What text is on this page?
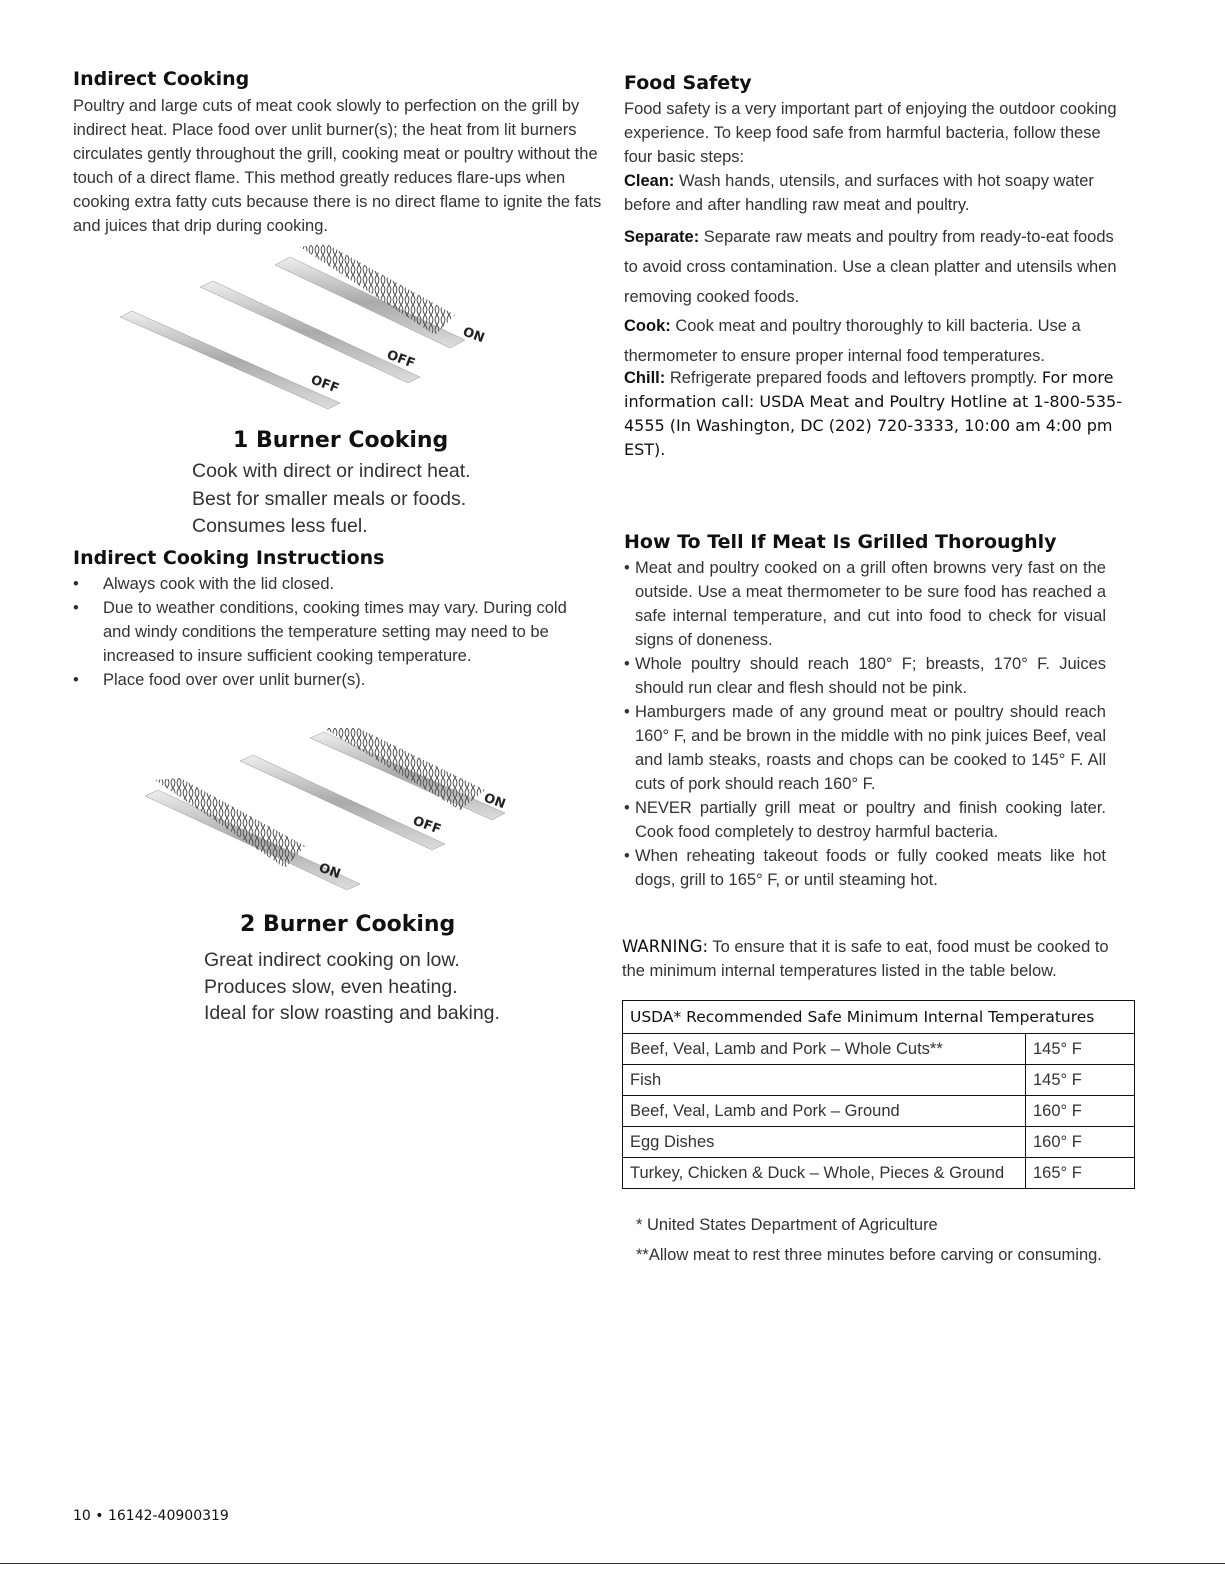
Indirect Cooking
Poultry and large cuts of meat cook slowly to perfection on the grill by indirect heat. Place food over unlit burner(s); the heat from lit burners circulates gently throughout the grill, cooking meat or poultry without the touch of a direct flame. This method greatly reduces flare-ups when cooking extra fatty cuts because there is no direct flame to ignite the fats and juices that drip during cooking.
ON
OFF
OFF
1 Burner Cooking
Cook with direct or indirect heat.
Best for smaller meals or foods.
Consumes less fuel.
Indirect Cooking Instructions
• Always cook with the lid closed.
• Due to weather conditions, cooking times may vary. During cold and windy conditions the temperature setting may need to be increased to insure sufficient cooking temperature.
• Place food over over unlit burner(s).
ON
OFF
ON
2 Burner Cooking
Great indirect cooking on low.
Produces slow, even heating.
Ideal for slow roasting and baking.
Food Safety
Food safety is a very important part of enjoying the outdoor cooking experience. To keep food safe from harmful bacteria, follow these four basic steps:
Clean: Wash hands, utensils, and surfaces with hot soapy water before and after handling raw meat and poultry.
Separate: Separate raw meats and poultry from ready-to-eat foods to avoid cross contamination. Use a clean platter and utensils when removing cooked foods.
Cook: Cook meat and poultry thoroughly to kill bacteria. Use a thermometer to ensure proper internal food temperatures.
Chill: Refrigerate prepared foods and leftovers promptly. For more information call: USDA Meat and Poultry Hotline at 1-800-535-4555 (In Washington, DC (202) 720-3333, 10:00 am 4:00 pm EST).
How To Tell If Meat Is Grilled Thoroughly
• Meat and poultry cooked on a grill often browns very fast on the outside. Use a meat thermometer to be sure food has reached a safe internal temperature, and cut into food to check for visual signs of doneness.
• Whole poultry should reach 180° F; breasts, 170° F. Juices should run clear and flesh should not be pink.
• Hamburgers made of any ground meat or poultry should reach 160° F, and be brown in the middle with no pink juices Beef, veal and lamb steaks, roasts and chops can be cooked to 145° F. All cuts of pork should reach 160° F.
• NEVER partially grill meat or poultry and finish cooking later. Cook food completely to destroy harmful bacteria.
• When reheating takeout foods or fully cooked meats like hot dogs, grill to 165° F, or until steaming hot.
WARNING: To ensure that it is safe to eat, food must be cooked to the minimum internal temperatures listed in the table below.
USDA* Recommended Safe Minimum Internal Temperatures	
Beef, Veal, Lamb and Pork – Whole Cuts**	145° F
Fish	145° F
Beef, Veal, Lamb and Pork – Ground	160° F
Egg Dishes	160° F
Turkey, Chicken & Duck – Whole, Pieces & Ground	165° F
* United States Department of Agriculture
**Allow meat to rest three minutes before carving or consuming.
10 • 16142-40900319
